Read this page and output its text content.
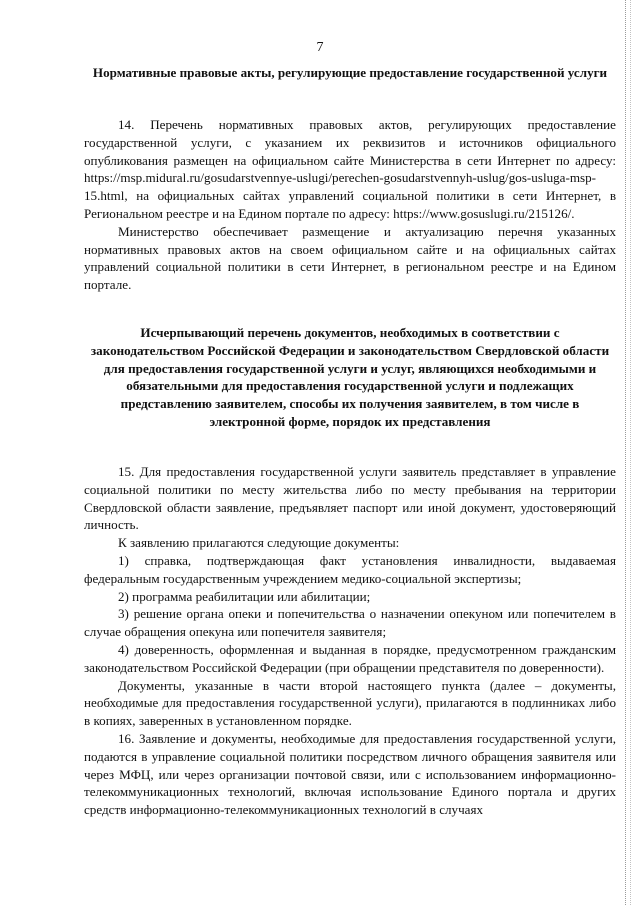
7
Нормативные правовые акты, регулирующие предоставление государственной услуги

14. Перечень нормативных правовых актов, регулирующих предоставление государственной услуги, с указанием их реквизитов и источников официального опубликования размещен на официальном сайте Министерства в сети Интернет по адресу: https://msp.midural.ru/gosudarstvennye-uslugi/perechen-gosudarstvennyh-uslug/gos-usluga-msp-15.html, на официальных сайтах управлений социальной политики в сети Интернет, в Региональном реестре и на Едином портале по адресу: https://www.gosuslugi.ru/215126/.

Министерство обеспечивает размещение и актуализацию перечня указанных нормативных правовых актов на своем официальном сайте и на официальных сайтах управлений социальной политики в сети Интернет, в региональном реестре и на Едином портале.

Исчерпывающий перечень документов, необходимых в соответствии с законодательством Российской Федерации и законодательством Свердловской области для предоставления государственной услуги и услуг, являющихся необходимыми и обязательными для предоставления государственной услуги и подлежащих представлению заявителем, способы их получения заявителем, в том числе в электронной форме, порядок их представления

15. Для предоставления государственной услуги заявитель представляет в управление социальной политики по месту жительства либо по месту пребывания на территории Свердловской области заявление, предъявляет паспорт или иной документ, удостоверяющий личность.

К заявлению прилагаются следующие документы:

1) справка, подтверждающая факт установления инвалидности, выдаваемая федеральным государственным учреждением медико-социальной экспертизы;

2) программа реабилитации или абилитации;

3) решение органа опеки и попечительства о назначении опекуном или попечителем в случае обращения опекуна или попечителя заявителя;

4) доверенность, оформленная и выданная в порядке, предусмотренном гражданским законодательством Российской Федерации (при обращении представителя по доверенности).

Документы, указанные в части второй настоящего пункта (далее – документы, необходимые для предоставления государственной услуги), прилагаются в подлинниках либо в копиях, заверенных в установленном порядке.

16. Заявление и документы, необходимые для предоставления государственной услуги, подаются в управление социальной политики посредством личного обращения заявителя или через МФЦ, или через организации почтовой связи, или с использованием информационно-телекоммуникационных технологий, включая использование Единого портала и других средств информационно-телекоммуникационных технологий в случаях
